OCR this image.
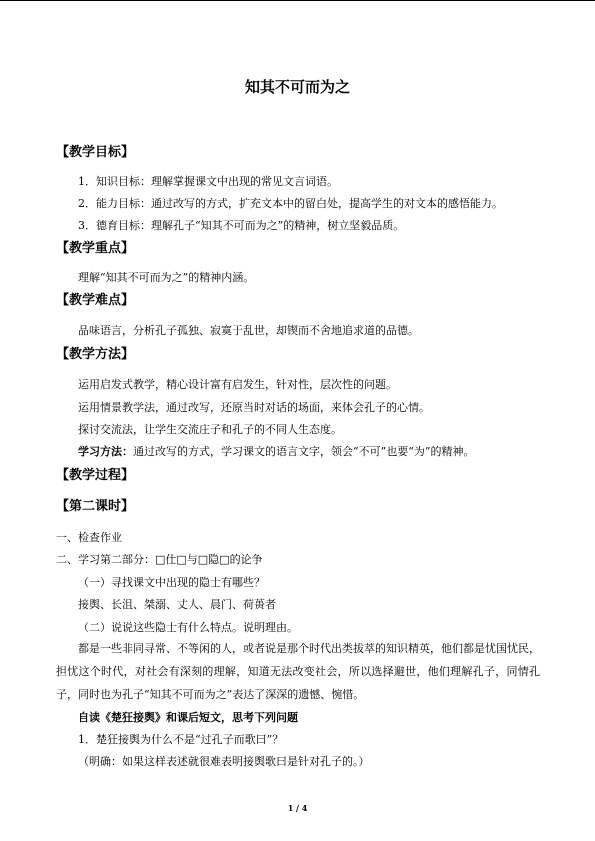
知其不可而为之
【教学目标】
1．知识目标：理解掌握课文中出现的常见文言词语。
2．能力目标：通过改写的方式，扩充文本中的留白处，提高学生的对文本的感悟能力。
3．德育目标：理解孔子“知其不可而为之”的精神，树立坚毅品质。
【教学重点】
理解“知其不可而为之”的精神内涵。
【教学难点】
品味语言，分析孔子孤独、寂寞于乱世，却锲而不舍地追求道的品德。
【教学方法】
运用启发式教学，精心设计富有启发生，针对性，层次性的问题。
运用情景教学法，通过改写，还原当时对话的场面，来体会孔子的心情。
探讨交流法，让学生交流庄子和孔子的不同人生态度。
学习方法：通过改写的方式，学习课文的语言文字，领会“不可”也要“为”的精神。
【教学过程】
【第二课时】
一、检查作业
二、学习第二部分：□仕□与□隐□的论争
（一）寻找课文中出现的隐士有哪些？
接舆、长沮、桀溺、丈人、晨门、荷蒉者
（二）说说这些隐士有什么特点。说明理由。
都是一些非同寻常、不等闲的人，或者说是那个时代出类拔萃的知识精英，他们都是忧国忧民，担忧这个时代，对社会有深刻的理解，知道无法改变社会，所以选择避世，他们理解孔子，同情孔子，同时也为孔子“知其不可而为之”表达了深深的遗憾、惋惜。
自读《楚狂接舆》和课后短文，思考下列问题
1．楚狂接舆为什么不是“过孔子而歌曰”？
（明确：如果这样表述就很难表明接舆歌曰是针对孔子的。）
1 / 4
